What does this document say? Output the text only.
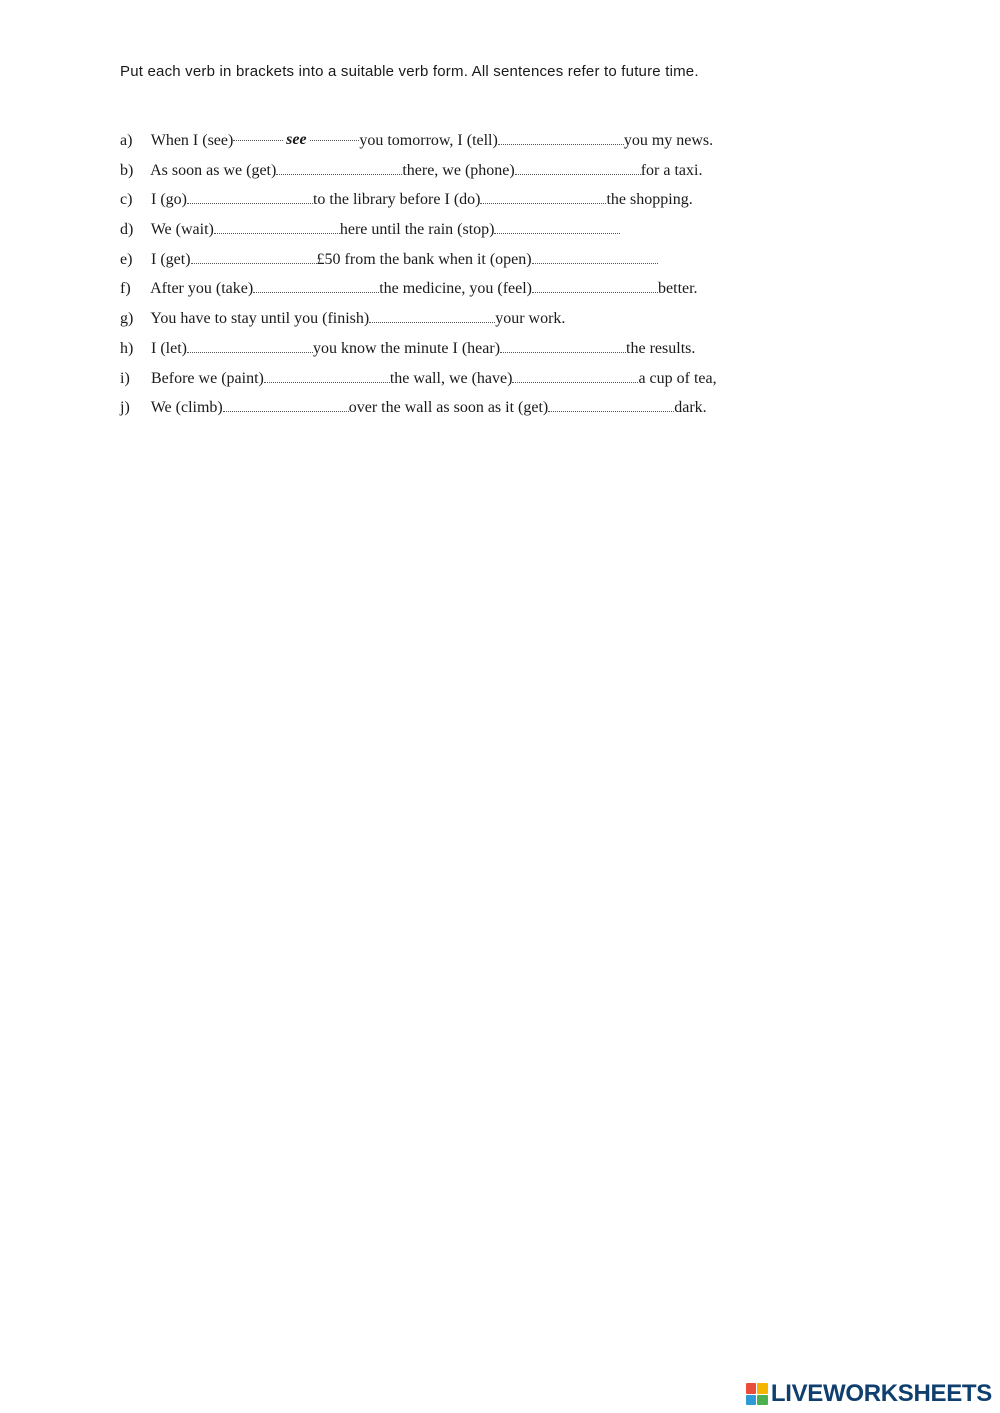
Put each verb in brackets into a suitable verb form. All sentences refer to future time.

a) When I (see)	see	you tomorrow, I (tell)	you my news.
b) As soon as we (get)	there, we (phone)	for a taxi.
c) I (go)	to the library before I (do)	the shopping.
d) We (wait)	here until the rain (stop)
e) I (get)	£50 from the bank when it (open)
f) After you (take)	the medicine, you (feel)	better.
g) You have to stay until you (finish)	your work.
h) I (let)	you know the minute I (hear)	the results.
i) Before we (paint)	the wall, we (have)	a cup of tea,
j) We (climb)	over the wall as soon as it (get)	dark.
LIVEWORKSHEETS
